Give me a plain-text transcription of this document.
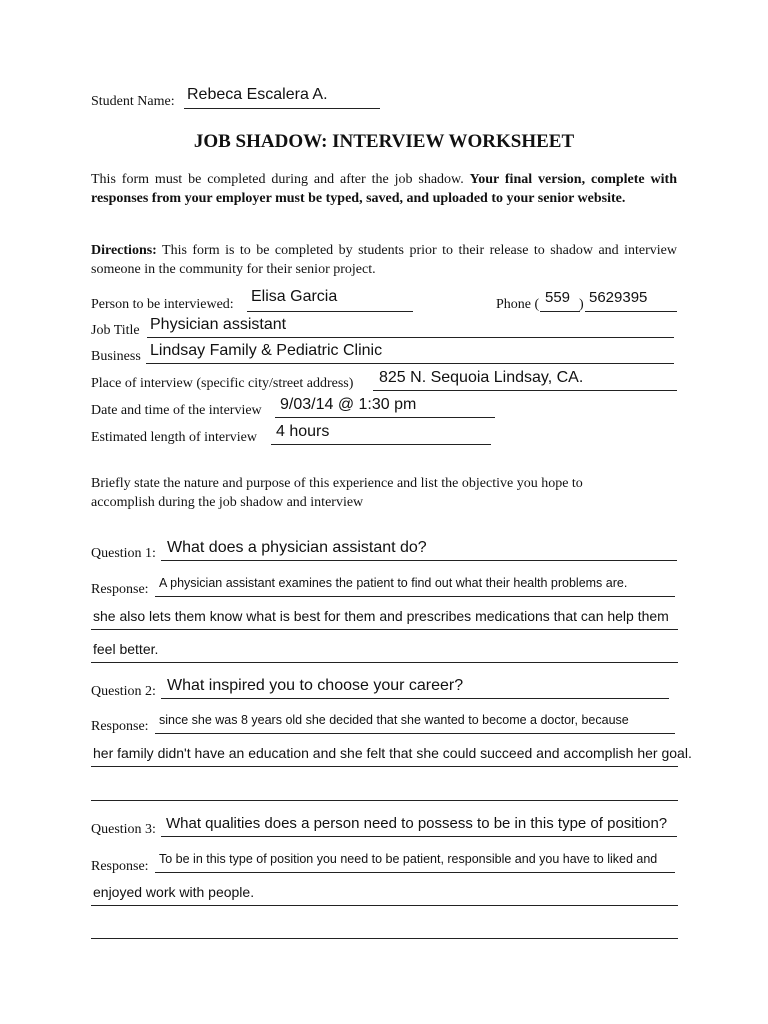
Student Name: Rebeca Escalera A.
JOB SHADOW: INTERVIEW WORKSHEET
This form must be completed during and after the job shadow. Your final version, complete with responses from your employer must be typed, saved, and uploaded to your senior website.
Directions: This form is to be completed by students prior to their release to shadow and interview someone in the community for their senior project.
Person to be interviewed: Elisa Garcia	Phone ( 559 ) 5629395
Job Title Physician assistant
Business Lindsay Family & Pediatric Clinic
Place of interview (specific city/street address) 825 N. Sequoia Lindsay, CA.
Date and time of the interview 9/03/14 @ 1:30 pm
Estimated length of interview 4 hours
Briefly state the nature and purpose of this experience and list the objective you hope to accomplish during the job shadow and interview
Question 1: What does a physician assistant do?
Response: A physician assistant examines the patient to find out what their health problems are.
she also lets them know what is best for them and prescribes medications that can help them
feel better.
Question 2: What inspired you to choose your career?
Response: since she was 8 years old she decided that she wanted to become a doctor, because
her family didn't have an education and she felt that she could succeed and accomplish her goal.
Question 3: What qualities does a person need to possess to be in this type of position?
Response: To be in this type of position you need to be patient, responsible and you have to liked and
enjoyed work with people.
